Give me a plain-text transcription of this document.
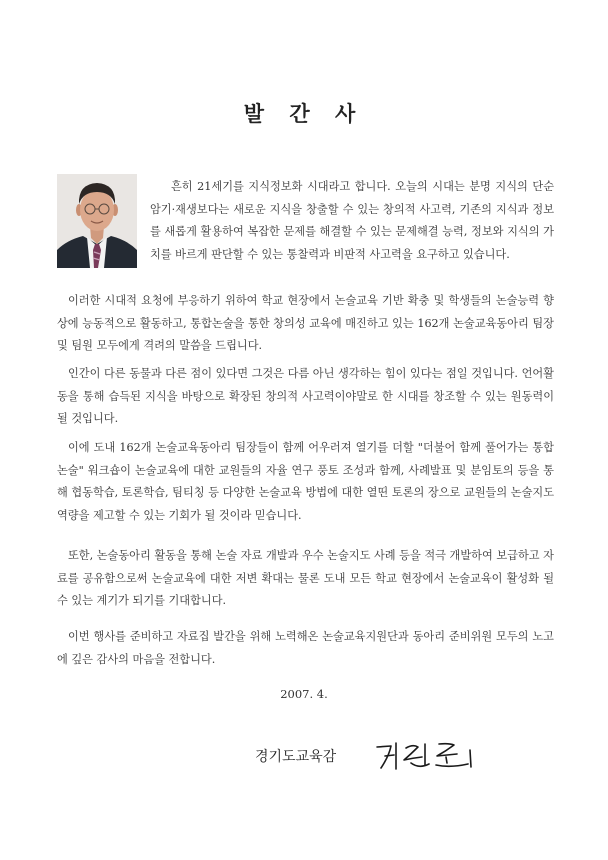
발 간 사

흔히 21세기를 지식정보화 시대라고 합니다. 오늘의 시대는 분명 지식의 단순 암기·재생보다는 새로운 지식을 창출할 수 있는 창의적 사고력, 기존의 지식과 정보를 새롭게 활용하여 복잡한 문제를 해결할 수 있는 문제해결 능력, 정보와 지식의 가치를 바르게 판단할 수 있는 통찰력과 비판적 사고력을 요구하고 있습니다.

이러한 시대적 요청에 부응하기 위하여 학교 현장에서 논술교육 기반 확충 및 학생들의 논술능력 향상에 능동적으로 활동하고, 통합논술을 통한 창의성 교육에 매진하고 있는 162개 논술교육동아리 팀장 및 팀원 모두에게 격려의 말씀을 드립니다.

인간이 다른 동물과 다른 점이 있다면 그것은 다름 아닌 생각하는 힘이 있다는 점일 것입니다. 언어활동을 통해 습득된 지식을 바탕으로 확장된 창의적 사고력이야말로 한 시대를 창조할 수 있는 원동력이 될 것입니다.

이에 도내 162개 논술교육동아리 팀장들이 함께 어우러져 열기를 더할 "더불어 함께 풀어가는 통합논술" 워크숍이 논술교육에 대한 교원들의 자율 연구 풍토 조성과 함께, 사례발표 및 분임토의 등을 통해 협동학습, 토론학습, 팀티칭 등 다양한 논술교육 방법에 대한 열띤 토론의 장으로 교원들의 논술지도 역량을 제고할 수 있는 기회가 될 것이라 믿습니다.

또한, 논술동아리 활동을 통해 논술 자료 개발과 우수 논술지도 사례 등을 적극 개발하여 보급하고 자료를 공유함으로써 논술교육에 대한 저변 확대는 물론 도내 모든 학교 현장에서 논술교육이 활성화 될 수 있는 계기가 되기를 기대합니다.

이번 행사를 준비하고 자료집 발간을 위해 노력해온 논술교육지원단과 동아리 준비위원 모두의 노고에 깊은 감사의 마음을 전합니다.

2007. 4.
경기도교육감
